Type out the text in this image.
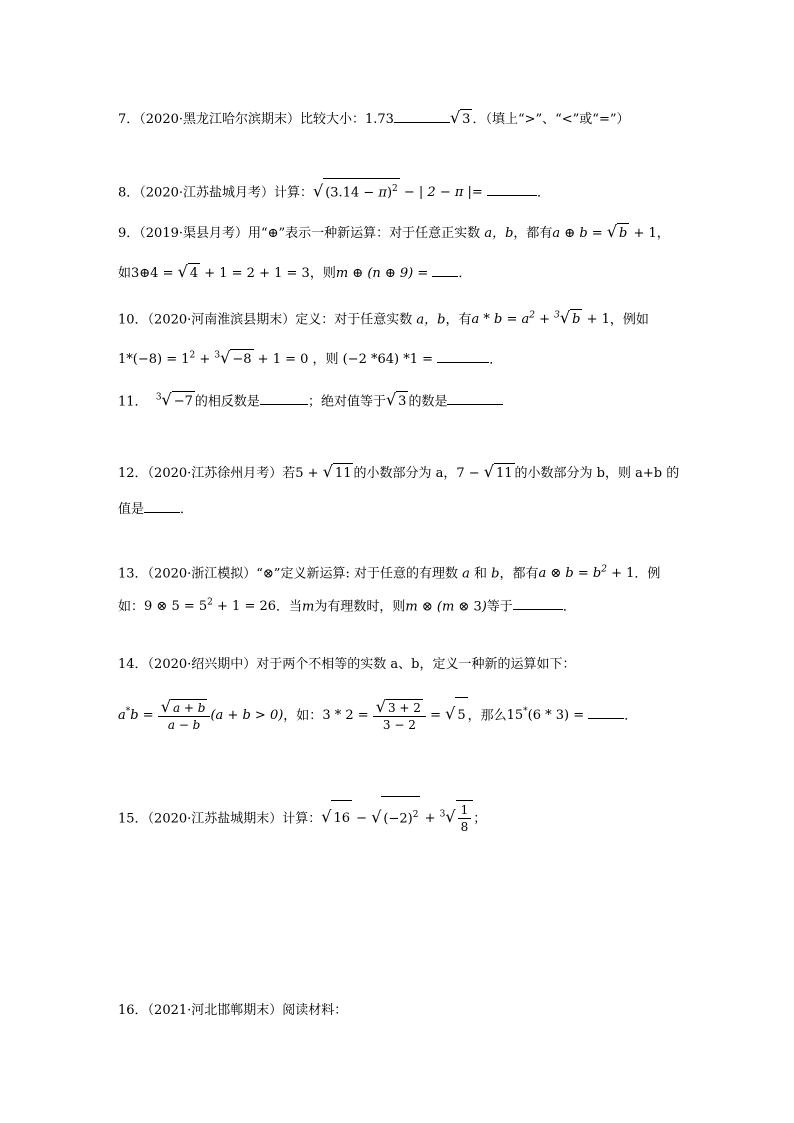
7．（2020·黑龙江哈尔滨期末）比较大小：1.73	√ 3 ．（填上“>”、“<”或“=”）
8．（2020·江苏盐城月考）计算：√ $(3.14 - \pi)^2$ − | 2 − π |=	．
9．（2019·渠县月考）用“⊕”表示一种新运算：对于任意正实数 a，b，都有a ⊕ b = √ b + 1，
如3⊕4 = √ 4 + 1 = 2 + 1 = 3，则m ⊕ (n ⊕ 9) = ．
10．（2020·河南淮滨县期末）定义：对于任意实数 a，b，有$a * b = a^2 + ^3√$ b + 1，例如
$1*(-8) = 1^2 + ^3√ -8 + 1 = 0$ ，则 (−2 *64) *1 =	．
11． $^3$√ −7 的相反数是	；绝对值等于√ 3 的数是
12．（2020·江苏徐州月考）若5 + √ 11 的小数部分为 a，7 − √ 11 的小数部分为 b，则 a+b 的
值是	．
13．（2020·浙江模拟）“⊗”定义新运算: 对于任意的有理数 a 和 b，都有a ⊗ $b = b^2 + 1$．例
如：9 ⊗ $5 = 5^2 + 1 = 26$．当m为有理数时，则m ⊗ (m ⊗ 3)等于	．
14．（2020·绍兴期中）对于两个不相等的实数 a、b，定义一种新的运算如下：
$a^*b = \frac{√ a + b}{a - b} (a + b > 0)$，如：$3 * 2 = \frac{√ 3 + 2}{3 - 2}$ = √ 5 ，那么15*(6 * 3) =	．
15．（2020·江苏盐城期末）计算：√ 16 − √ $(-2)^2 + ^3√ \frac{1}{8}$ ；
16．（2021·河北邯郸期末）阅读材料：
